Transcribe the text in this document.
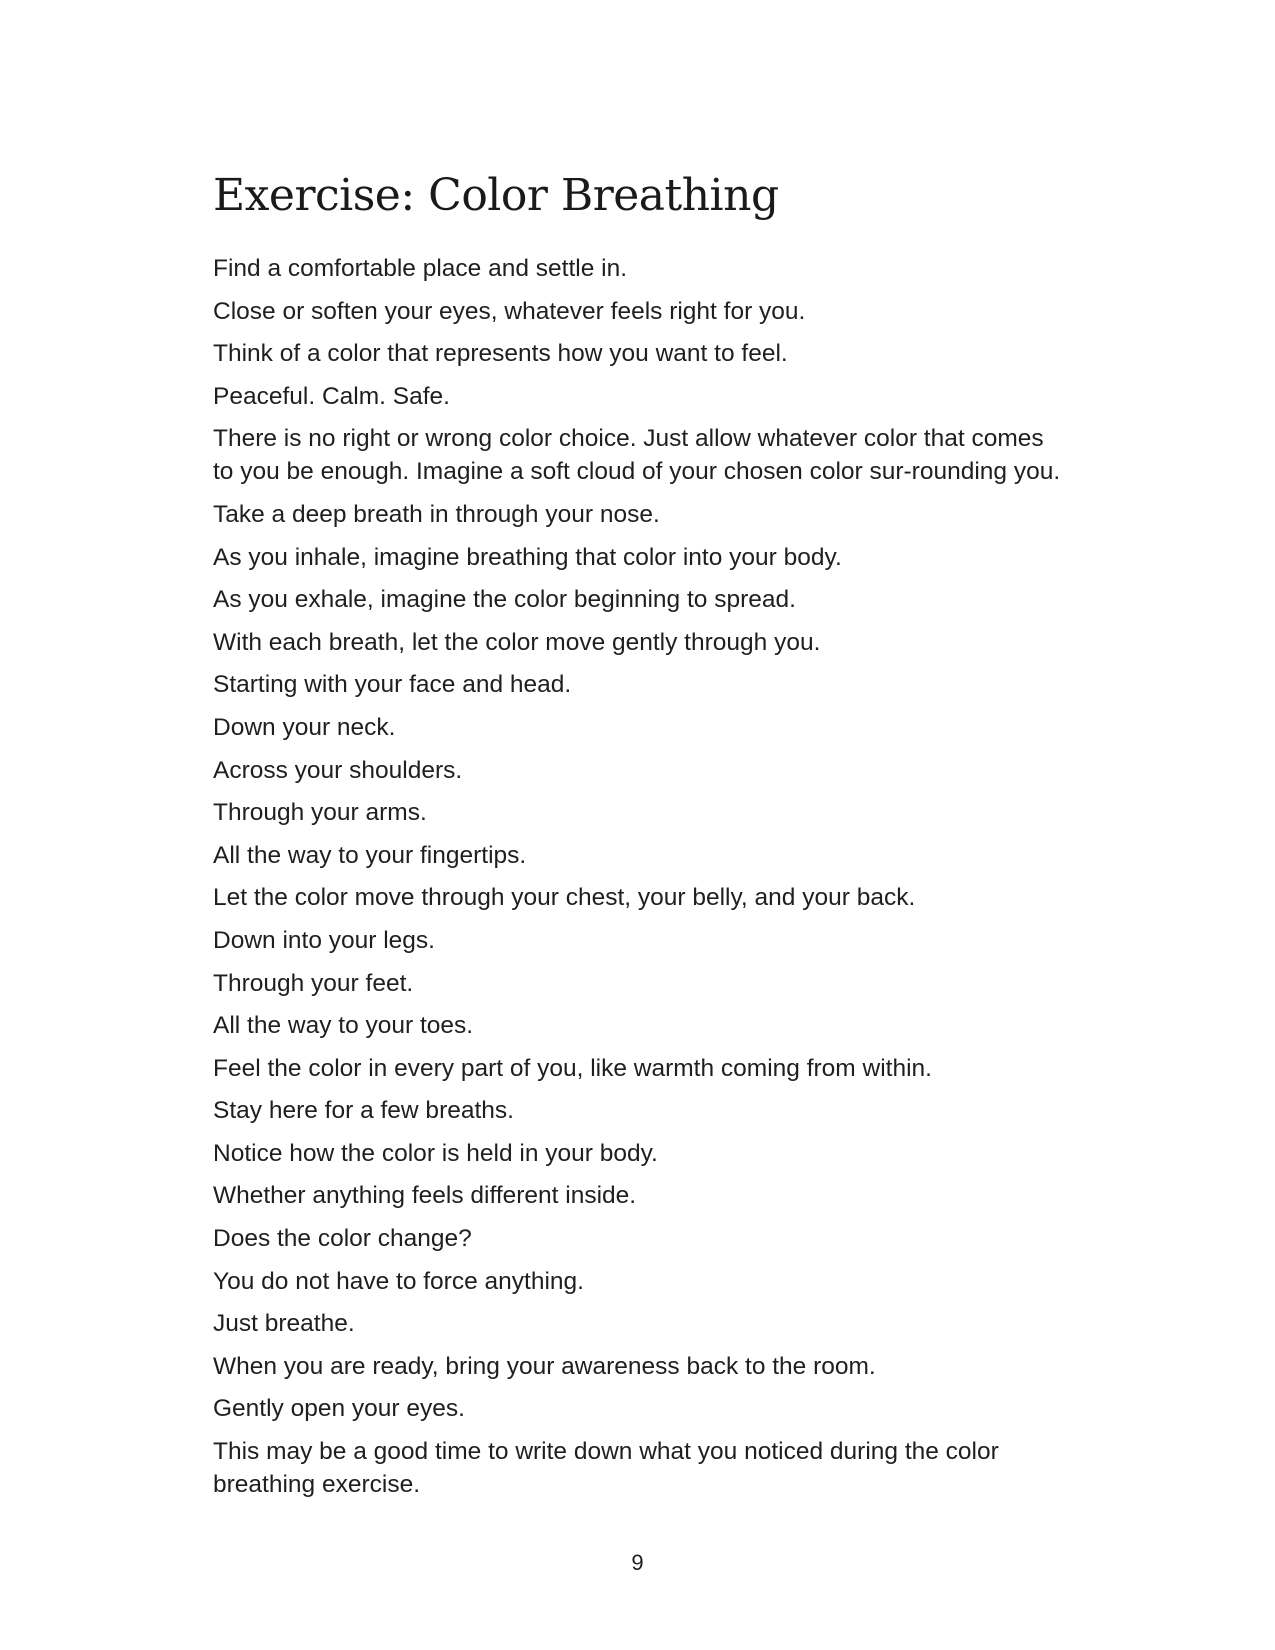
Exercise: Color Breathing

Find a comfortable place and settle in.

Close or soften your eyes, whatever feels right for you.

Think of a color that represents how you want to feel.

Peaceful. Calm. Safe.

There is no right or wrong color choice. Just allow whatever color that comes to you be enough. Imagine a soft cloud of your chosen color sur-rounding you.

Take a deep breath in through your nose.

As you inhale, imagine breathing that color into your body.

As you exhale, imagine the color beginning to spread.

With each breath, let the color move gently through you.

Starting with your face and head.

Down your neck.

Across your shoulders.

Through your arms.

All the way to your fingertips.

Let the color move through your chest, your belly, and your back.

Down into your legs.

Through your feet.

All the way to your toes.

Feel the color in every part of you, like warmth coming from within.

Stay here for a few breaths.

Notice how the color is held in your body.

Whether anything feels different inside.

Does the color change?

You do not have to force anything.

Just breathe.

When you are ready, bring your awareness back to the room.

Gently open your eyes.

This may be a good time to write down what you noticed during the color breathing exercise.

9
